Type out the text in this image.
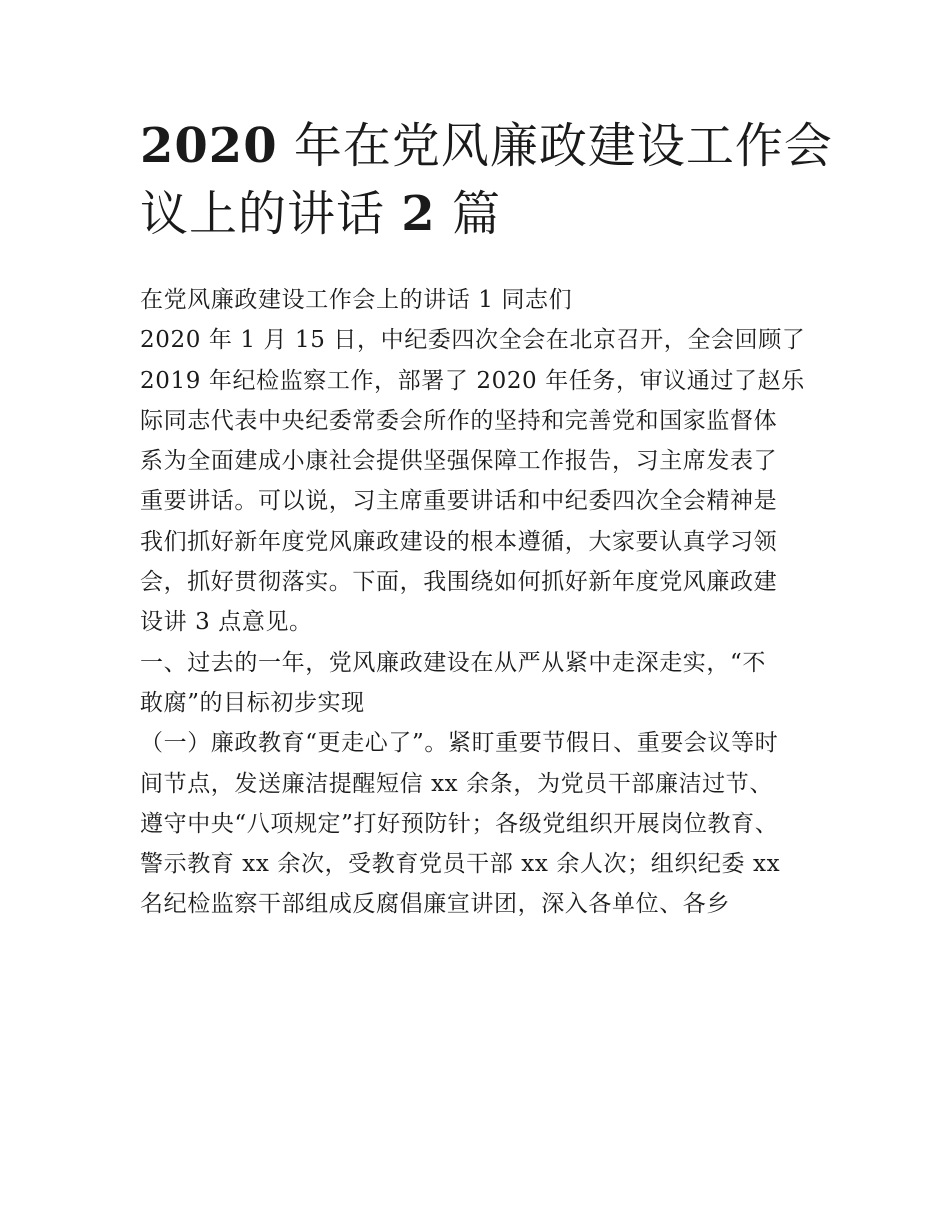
2020 年在党风廉政建设工作会
议上的讲话 2 篇
在党风廉政建设工作会上的讲话 1 同志们
2020 年 1 月 15 日，中纪委四次全会在北京召开，全会回顾了
2019 年纪检监察工作，部署了 2020 年任务，审议通过了赵乐
际同志代表中央纪委常委会所作的坚持和完善党和国家监督体
系为全面建成小康社会提供坚强保障工作报告，习主席发表了
重要讲话。可以说，习主席重要讲话和中纪委四次全会精神是
我们抓好新年度党风廉政建设的根本遵循，大家要认真学习领
会，抓好贯彻落实。下面，我围绕如何抓好新年度党风廉政建
设讲 3 点意见。
一、过去的一年，党风廉政建设在从严从紧中走深走实，“不
敢腐”的目标初步实现
（一）廉政教育“更走心了”。紧盯重要节假日、重要会议等时
间节点，发送廉洁提醒短信 xx 余条，为党员干部廉洁过节、
遵守中央“八项规定”打好预防针；各级党组织开展岗位教育、
警示教育 xx 余次，受教育党员干部 xx 余人次；组织纪委 xx
名纪检监察干部组成反腐倡廉宣讲团，深入各单位、各乡
